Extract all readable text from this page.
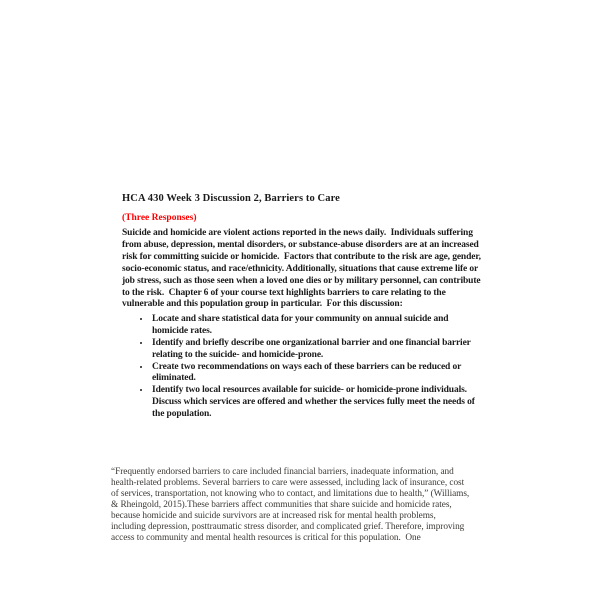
HCA 430 Week 3 Discussion 2, Barriers to Care
(Three Responses)
Suicide and homicide are violent actions reported in the news daily.  Individuals suffering from abuse, depression, mental disorders, or substance-abuse disorders are at an increased risk for committing suicide or homicide.  Factors that contribute to the risk are age, gender, socio-economic status, and race/ethnicity. Additionally, situations that cause extreme life or job stress, such as those seen when a loved one dies or by military personnel, can contribute to the risk.  Chapter 6 of your course text highlights barriers to care relating to the vulnerable and this population group in particular.  For this discussion:
• Locate and share statistical data for your community on annual suicide and homicide rates.
• Identify and briefly describe one organizational barrier and one financial barrier relating to the suicide- and homicide-prone.
• Create two recommendations on ways each of these barriers can be reduced or eliminated.
• Identify two local resources available for suicide- or homicide-prone individuals. Discuss which services are offered and whether the services fully meet the needs of the population.
“Frequently endorsed barriers to care included financial barriers, inadequate information, and health-related problems. Several barriers to care were assessed, including lack of insurance, cost of services, transportation, not knowing who to contact, and limitations due to health,” (Williams, & Rheingold, 2015).These barriers affect communities that share suicide and homicide rates, because homicide and suicide survivors are at increased risk for mental health problems, including depression, posttraumatic stress disorder, and complicated grief. Therefore, improving access to community and mental health resources is critical for this population.  One
